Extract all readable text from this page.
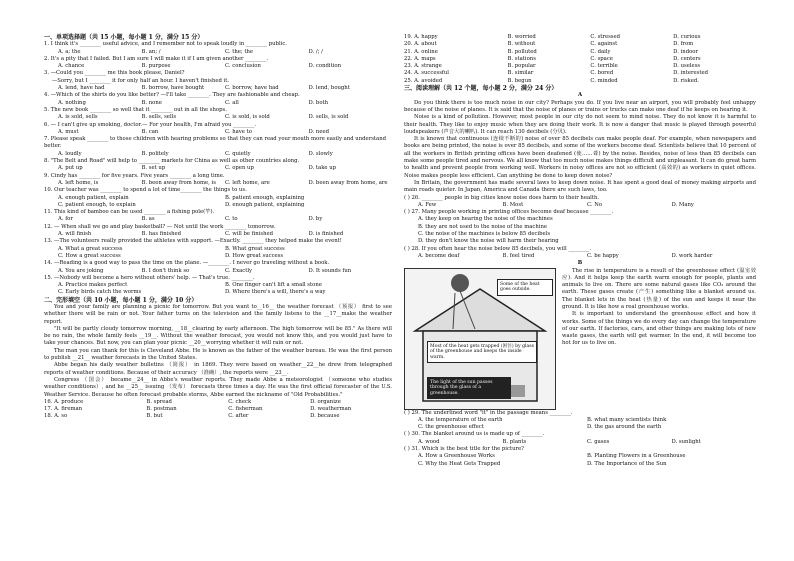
一、单项选择题（共 15 小题，每小题 1 分，满分 15 分）
1. I think it's ________ useful advice, and I remember not to speak loudly in ________ public.
A. a; the	B. an; /	C. the; the	D. /; /
2. It's a pity that I failed. But I am sure I will make it if I am given another ________.
A. chance	B. purpose	C. conclusion	D. condition
3. —Could you ________ me this book please, Daniel?
—Sorry, but I ________ it for only half an hour. I haven't finished it.
A. lend, have had	B. borrow, have bought	C. borrow, have had	D. lend, bought
4. —Which of the shirts do you like better? —I'll take ________. They are fashionable and cheap.
A. nothing	B. none	C. all	D. both
5. The new book ________ so well that it ________ out in all the shops.
A. is sold, sells	B. sells, sells	C. is sold, is sold	D. sells, is sold
6. — I can't give up smoking, doctor.— For your health, I'm afraid you ________.
A. must	B. can	C. have to	D. need
7. Please speak ________ to those children with hearing problems so that they can read your mouth more easily and understand better.
A. loudly	B. politely	C. quietly	D. slowly
8. "The Belt and Road" will help to ________ markets for China as well as other countries along.
A. put up	B. set up	C. open up	D. take up
9. Cindy has ________ for five years. Five years ________ a long time.
A. left home, is	B. been away from home, is	C. left home, are	D. been away from home, are
10. Our teacher was ________ to spend a lot of time________ the things to us.
A. enough patient, explain	B. patient enough, explaining
C. patient enough, to explain	D. enough patient, explaining
11. This kind of bamboo can be used ________ a fishing pole(竿).
A. for	B. as	C. to	D. by
12. — When shall we go and play basketball? — Not until the work ________ tomorrow.
A. will finish	B. has finished	C. will be finished	D. is finished
13. —The volunteers really provided the athletes with support. —Exactly. ________ they helped make the event!
A. What a great success	B. What great success
C. How a great success	D. How great success
14. —Reading is a good way to pass the time on the plane. —________. I never go traveling without a book.
A. You are joking	B. I don't think so	C. Exactly	D. It sounds fun
15. —Nobody will become a hero without others' help. — That's true. ________.
A. Practice makes perfect	B. One finger can't lift a small stone
C. Early birds catch the worms	D. Where there's a will, there's a way
二、完形填空（共 10 小题，每小题 1 分，满分 10 分）
You and your family are planning a picnic for tomorrow. But you want to__16__ the weather forecast （预报） first to see whether there will be rain or not. Your father turns on the television and the family listens to the __17__make the weather report.
"It will be partly cloudy tomorrow morning, __18__clearing by early afternoon. The high tomorrow will be 85." As there will be no rain, the whole family feels __19__. Without the weather forecast, you would not know this, and you would just have to take your chances. But now, you can plan your picnic __20__worrying whether it will rain or not.
The man you can thank for this is Cleveland Abbe. He is known as the father of the weather bureau. He was the first person to publish __21__ weather forecasts in the United States.
Abbe began his daily weather bulletins （简报） in 1869. They were based on weather__22__he drew from telegraphed reports of weather conditions. Because of their accuracy （准确）, the reports were __23__.
Congress （国会） became__24__ in Abbe's weather reports. They made Abbe a meteorologist （someone who studies weather conditions）, and he __25__ issuing （发布） forecasts three times a day. He was the first official forecaster of the U.S. Weather Service. Because he often forecast probable storms, Abbe earned the nickname of "Old Probabilities."
16. A. produce	B. spread	C. check	D. organize
17. A. fireman	B. postman	C. fisherman	D. weatherman
18. A. so	B. but	C. after	D. because
19. A. happy	B. worried	C. stressed	D. curious
20. A. about	B. without	C. against	D. from
21. A. online	B. polluted	C. daily	D. indoor
22. A. maps	B. stations	C. space	D. centers
23. A. strange	B. popular	C. terrible	D. useless
24. A. successful	B. similar	C. bored	D. interested
25. A. avoided	B. begun	C. minded	D. risked.
三、阅读理解（共 12 个题，每小题 2 分，满分 24 分）
A
Do you think there is too much noise in our city? Perhaps you do. If you live near an airport, you will probably feel unhappy because of the noise of planes. It is said that the noise of planes or trains or trucks can make one deaf if he keeps on hearing it.
Noise is a kind of pollution. However, most people in our city do not seem to mind noise. They do not know it is harmful to their health. They like to enjoy music when they are doing their work. It is now a danger that music is played through powerful loudspeakers (声音大的喇叭). It can reach 130 decibels (分贝).
It is known that continuous (连续不断的) noise of over 85 decibels can make people deaf. For example, when newspapers and books are being printed, the noise is over 85 decibels, and some of the workers become deaf. Scientists believe that 10 percent of all the workers in British printing offices have been deafened (使……聋) by the noise. Besides, noise of less than 85 decibels can make some people tired and nervous. We all know that too much noise makes things difficult and unpleasant. It can do great harm to health and prevent people from working well. Workers in noisy offices are not so efficient (高效的) as workers in quiet offices. Noise makes people less efficient. Can anything be done to keep down noise?
In Britain, the government has made several laws to keep down noise. It has spent a good deal of money making airports and main roads quieter. In Japan, America and Canada there are such laws, too.
( ) 26. ________ people in big cities know noise does harm to their health.
A. Few	B. Most	C. No	D. Many
( ) 27. Many people working in printing offices become deaf because ________.
A. they keep on hearing the noise of the machines
B. they are not used to the noise of the machine
C. the noise of the machines is below 85 decibels
D. they don't know the noise will harm their hearing
( ) 28. If you often hear the noise below 85 decibels, you will ________.
A. become deaf	B. feel tired	C. be happy	D. work harder
B
Some of the heat goes outside.
Most of the heat gets trapped (困住) by glass of the greenhouse and keeps the inside warm.
The light of the sun passes through the glass of a greenhouse.
The rise in temperature is a result of the greenhouse effect (温室效应). And it helps keep the earth warm enough for people, plants and animals to live on. There are some natural gases like CO₂ around the earth. These gases create (产生) something like a blanket around us. The blanket lets in the heat (热量) of the sun and keeps it near the ground. It is like how a real greenhouse works.
It is important to understand the greenhouse effect and how it works. Some of the things we do every day can change the temperature of our earth. If factories, cars, and other things are making lots of new waste gases, the earth will get warmer. In the end, it will become too hot for us to live on.
( ) 29. The underlined word "it" in the passage means ________.
A. the temperature of the earth	B. what many scientists think
C. the greenhouse effect	D. the gas around the earth
( ) 30. The blanket around us is made up of ________.
A. wood	B. plants	C. gases	D. sunlight
( ) 31. Which is the best title for the picture?
A. How a Greenhouse Works	B. Planting Flowers in a Greenhouse
C. Why the Heat Gets Trapped	D. The Importance of the Sun
